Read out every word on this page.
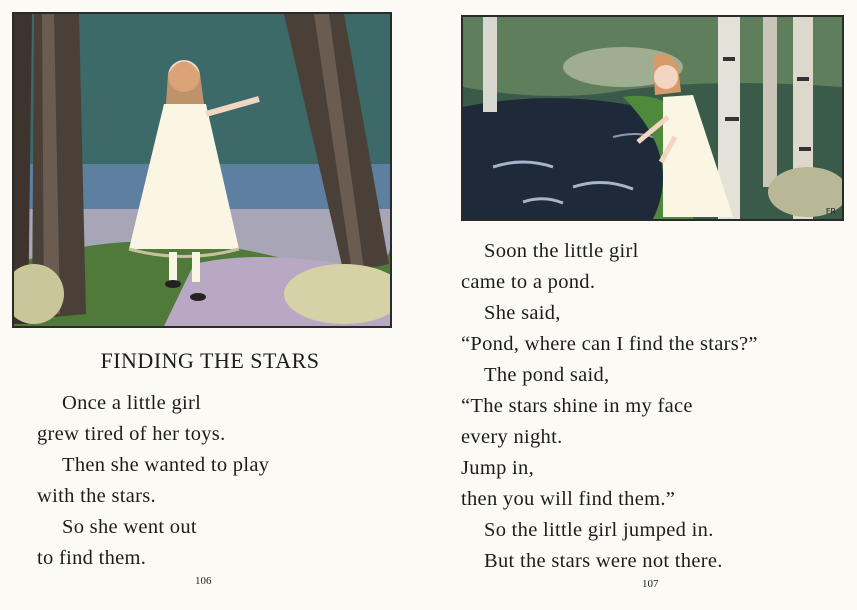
FINDING THE STARS
Once a little girl
grew tired of her toys.
Then she wanted to play
with the stars.
So she went out
to find them.
106
FR
Soon the little girl
came to a pond.
She said,
“Pond, where can I find the stars?”
The pond said,
“The stars shine in my face
every night.
Jump in,
then you will find them.”
So the little girl jumped in.
But the stars were not there.
107
